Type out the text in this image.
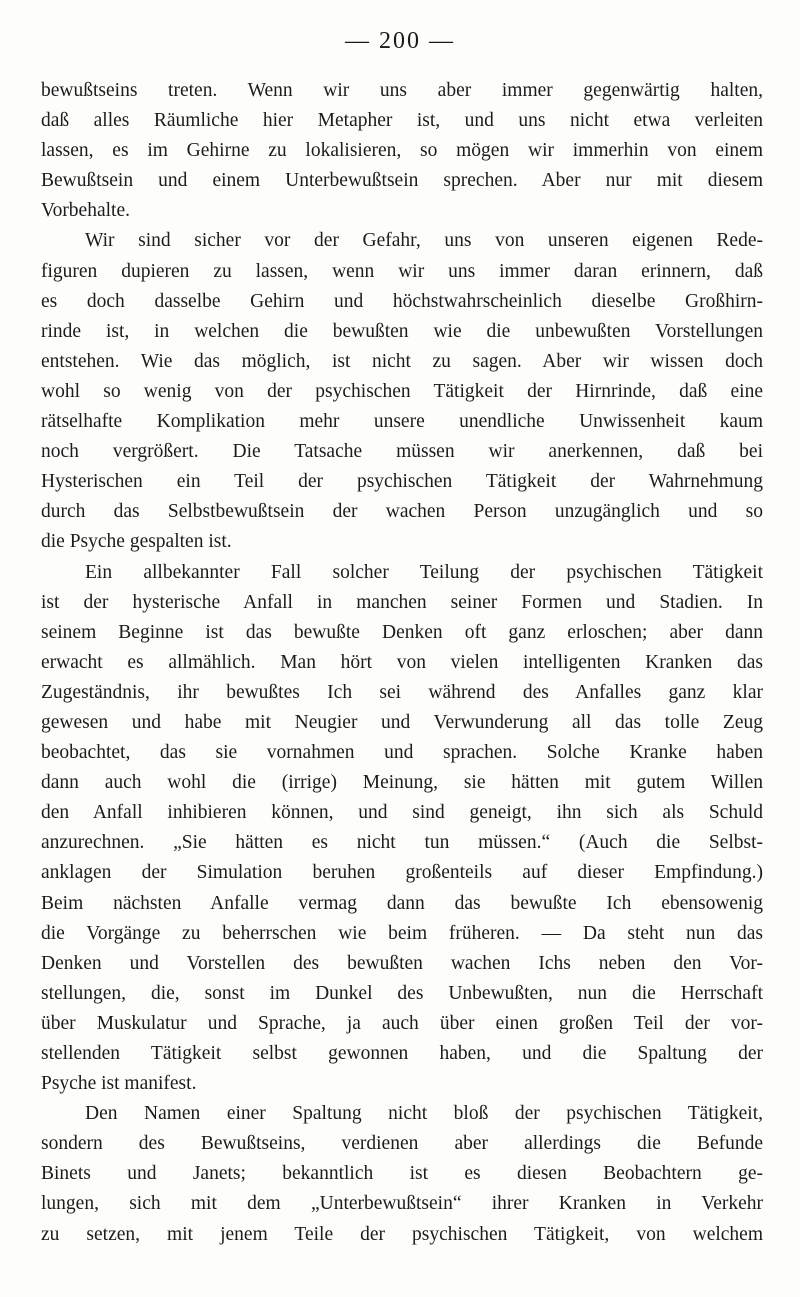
— 200 —
bewußtseins treten. Wenn wir uns aber immer gegenwärtig halten,
daß alles Räumliche hier Metapher ist, und uns nicht etwa verleiten
lassen, es im Gehirne zu lokalisieren, so mögen wir immerhin von einem
Bewußtsein und einem Unterbewußtsein sprechen. Aber nur mit diesem
Vorbehalte.
Wir sind sicher vor der Gefahr, uns von unseren eigenen Rede-
figuren dupieren zu lassen, wenn wir uns immer daran erinnern, daß
es doch dasselbe Gehirn und höchstwahrscheinlich dieselbe Großhirn-
rinde ist, in welchen die bewußten wie die unbewußten Vorstellungen
entstehen. Wie das möglich, ist nicht zu sagen. Aber wir wissen doch
wohl so wenig von der psychischen Tätigkeit der Hirnrinde, daß eine
rätselhafte Komplikation mehr unsere unendliche Unwissenheit kaum
noch vergrößert. Die Tatsache müssen wir anerkennen, daß bei
Hysterischen ein Teil der psychischen Tätigkeit der Wahrnehmung
durch das Selbstbewußtsein der wachen Person unzugänglich und so
die Psyche gespalten ist.
Ein allbekannter Fall solcher Teilung der psychischen Tätigkeit
ist der hysterische Anfall in manchen seiner Formen und Stadien. In
seinem Beginne ist das bewußte Denken oft ganz erloschen; aber dann
erwacht es allmählich. Man hört von vielen intelligenten Kranken das
Zugeständnis, ihr bewußtes Ich sei während des Anfalles ganz klar
gewesen und habe mit Neugier und Verwunderung all das tolle Zeug
beobachtet, das sie vornahmen und sprachen. Solche Kranke haben
dann auch wohl die (irrige) Meinung, sie hätten mit gutem Willen
den Anfall inhibieren können, und sind geneigt, ihn sich als Schuld
anzurechnen. „Sie hätten es nicht tun müssen.“ (Auch die Selbst-
anklagen der Simulation beruhen großenteils auf dieser Empfindung.)
Beim nächsten Anfalle vermag dann das bewußte Ich ebensowenig
die Vorgänge zu beherrschen wie beim früheren. — Da steht nun das
Denken und Vorstellen des bewußten wachen Ichs neben den Vor-
stellungen, die, sonst im Dunkel des Unbewußten, nun die Herrschaft
über Muskulatur und Sprache, ja auch über einen großen Teil der vor-
stellenden Tätigkeit selbst gewonnen haben, und die Spaltung der
Psyche ist manifest.
Den Namen einer Spaltung nicht bloß der psychischen Tätigkeit,
sondern des Bewußtseins, verdienen aber allerdings die Befunde
Binets und Janets; bekanntlich ist es diesen Beobachtern ge-
lungen, sich mit dem „Unterbewußtsein“ ihrer Kranken in Verkehr
zu setzen, mit jenem Teile der psychischen Tätigkeit, von welchem
